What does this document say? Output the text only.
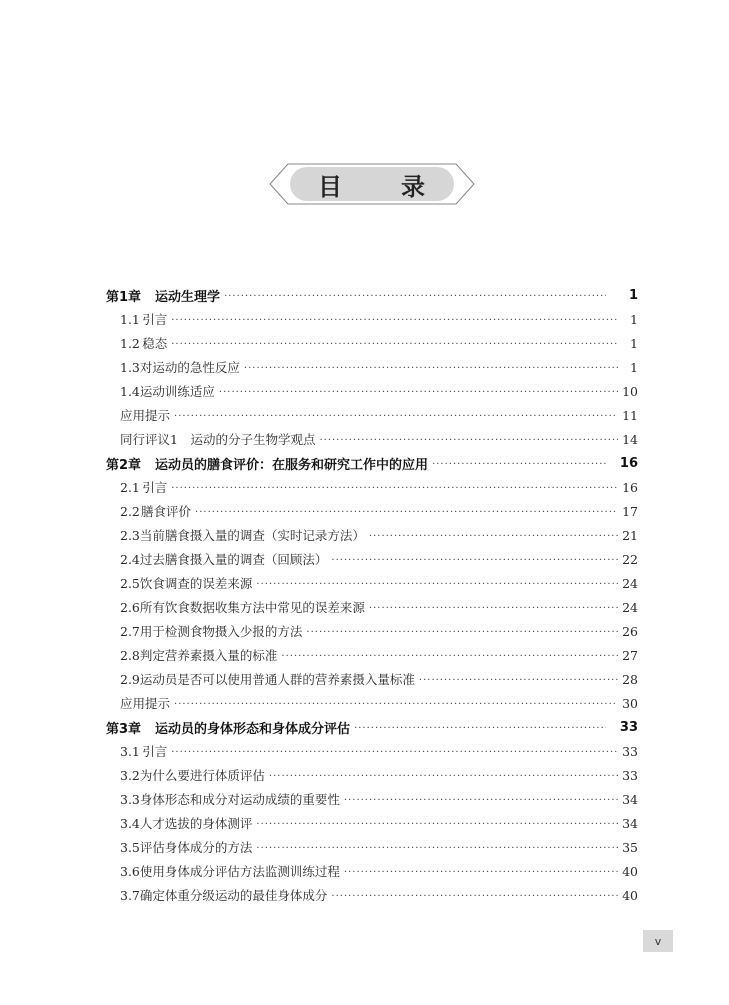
目 录
第1章 运动生理学 ·····	1
1.1 引言 ·····	1
1.2 稳态 ·····	1
1.3 对运动的急性反应 ·····	1
1.4 运动训练适应 ·····	10
应用提示 ·····	11
同行评议1　运动的分子生物学观点 ·····	14
第2章 运动员的膳食评价：在服务和研究工作中的应用 ·····	16
2.1 引言 ·····	16
2.2 膳食评价 ·····	17
2.3 当前膳食摄入量的调查（实时记录方法） ·····	21
2.4 过去膳食摄入量的调查（回顾法） ·····	22
2.5 饮食调查的误差来源 ·····	24
2.6 所有饮食数据收集方法中常见的误差来源 ·····	24
2.7 用于检测食物摄入少报的方法 ·····	26
2.8 判定营养素摄入量的标准 ·····	27
2.9 运动员是否可以使用普通人群的营养素摄入量标准 ·····	28
应用提示 ·····	30
第3章 运动员的身体形态和身体成分评估 ·····	33
3.1 引言 ·····	33
3.2 为什么要进行体质评估 ·····	33
3.3 身体形态和成分对运动成绩的重要性 ·····	34
3.4 人才选拔的身体测评 ·····	34
3.5 评估身体成分的方法 ·····	35
3.6 使用身体成分评估方法监测训练过程 ·····	40
3.7 确定体重分级运动的最佳身体成分 ·····	40
v
